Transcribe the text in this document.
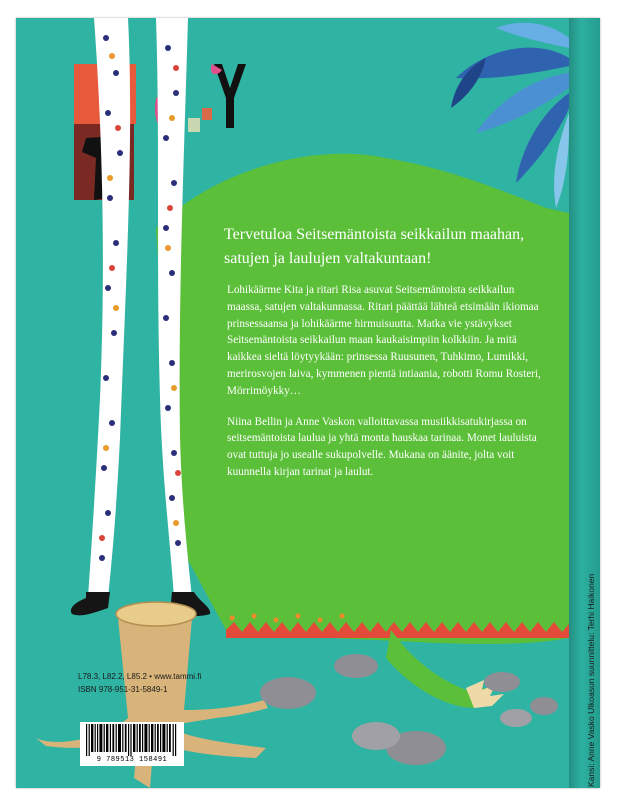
Tervetuloa Seitsemäntoista seikkailun maahan, satujen ja laulujen valtakuntaan!

Lohikäärme Kita ja ritari Risa asuvat Seitsemäntoista seikkailun maassa, satujen valtakunnassa. Ritari päättää lähteä etsimään ikiomaa prinsessaansa ja lohikäärme hirmuisuutta. Matka vie ystävykset Seitsemäntoista seikkailun maan kaukaisimpiin kolkkiin. Ja mitä kaikkea sieltä löytyykään: prinsessa Ruusunen, Tuhkimo, Lumikki, merirosvojen laiva, kymmenen pientä intiaania, robotti Romu Rosteri, Mörrimöykky…

Niina Bellin ja Anne Vaskon valloittavassa musiikkisatukirjassa on seitsemäntoista laulua ja yhtä monta hauskaa tarinaa. Monet lauluista ovat tuttuja jo usealle sukupolvelle. Mukana on äänite, jolta voit kuunnella kirjan tarinat ja laulut.

L78.3, L82.2, L85.2 • www.tammi.fi
ISBN 978-951-31-5849-1
9 789513 158491	Kansi: Anne Vasko Ulkoasun suunnittelu: Terhi Haikonen
